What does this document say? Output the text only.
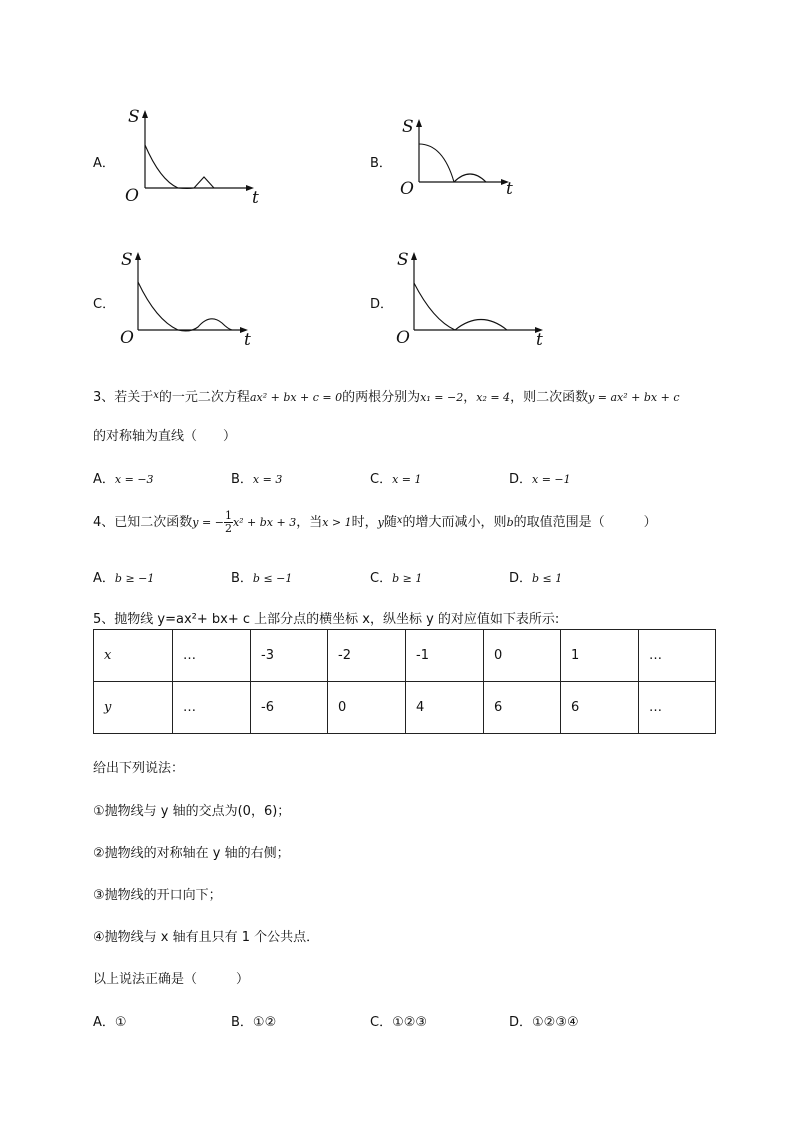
A．
S
O	t
B．
S
O	t
C．
S
O	t
D．
S
O	t
3、若关于$^x$的一元二次方程ax² + bx + c = 0的两根分别为x₁ = −2，x₂ = 4，则二次函数y = ax² + bx + c
的对称轴为直线（　　）
A．x = −3	B．x = 3	C．x = 1	D．x = −1
4、已知二次函数y = − $\frac{1}{2} x^2$ + bx + 3，当x > 1时，y随$^x$的增大而减小，则b的取值范围是（　　　）
A．b ≥ −1	B．b ≤ −1	C．b ≥ 1	D．b ≤ 1
5、抛物线 y=ax²+ bx+ c 上部分点的横坐标 x，纵坐标 y 的对应值如下表所示:
x	…	-3	-2	-1	0	1	…
y	…	-6	0	4	6	6	…
给出下列说法：
①抛物线与 y 轴的交点为(0，6)；
②抛物线的对称轴在 y 轴的右侧；
③抛物线的开口向下；
④抛物线与 x 轴有且只有 1 个公共点．
以上说法正确是（　　　）
A．①	B．①②	C．①②③	D．①②③④
